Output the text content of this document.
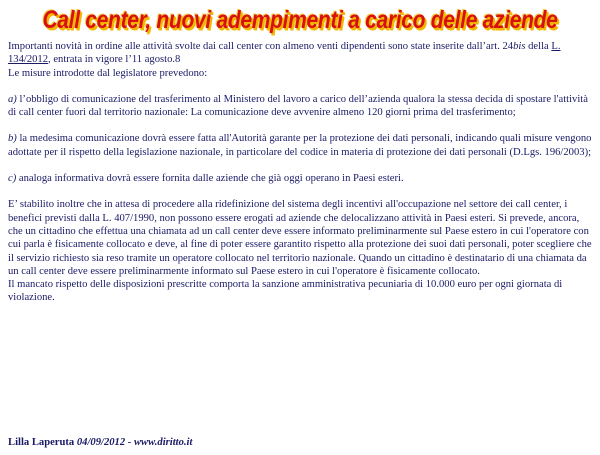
Call center, nuovi adempimenti a carico delle aziende

Importanti novità in ordine alle attività svolte dai call center con almeno venti dipendenti sono state inserite dall’art. 24bis della L. 134/2012, entrata in vigore l’11 agosto.8

Le misure introdotte dal legislatore prevedono:

a) l’obbligo di comunicazione del trasferimento al Ministero del lavoro a carico dell’azienda qualora la stessa decida di spostare l'attività di call center fuori dal territorio nazionale: La comunicazione deve avvenire almeno 120 giorni prima del trasferimento;

b) la medesima comunicazione dovrà essere fatta all'Autorità garante per la protezione dei dati personali, indicando quali misure vengono adottate per il rispetto della legislazione nazionale, in particolare del codice in materia di protezione dei dati personali (D.Lgs. 196/2003);

c) analoga informativa dovrà essere fornita dalle aziende che già oggi operano in Paesi esteri.

E’ stabilito inoltre che in attesa di procedere alla ridefinizione del sistema degli incentivi all'occupazione nel settore dei call center, i benefici previsti dalla L. 407/1990, non possono essere erogati ad aziende che delocalizzano attività in Paesi esteri. Si prevede, ancora, che un cittadino che effettua una chiamata ad un call center deve essere informato preliminarmente sul Paese estero in cui l'operatore con cui parla è fisicamente collocato e deve, al fine di poter essere garantito rispetto alla protezione dei suoi dati personali, poter scegliere che il servizio richiesto sia reso tramite un operatore collocato nel territorio nazionale. Quando un cittadino è destinatario di una chiamata da un call center deve essere preliminarmente informato sul Paese estero in cui l'operatore è fisicamente collocato.

Il mancato rispetto delle disposizioni prescritte comporta la sanzione amministrativa pecuniaria di 10.000 euro per ogni giornata di violazione.

Lilla Laperuta 04/09/2012 - www.diritto.it
